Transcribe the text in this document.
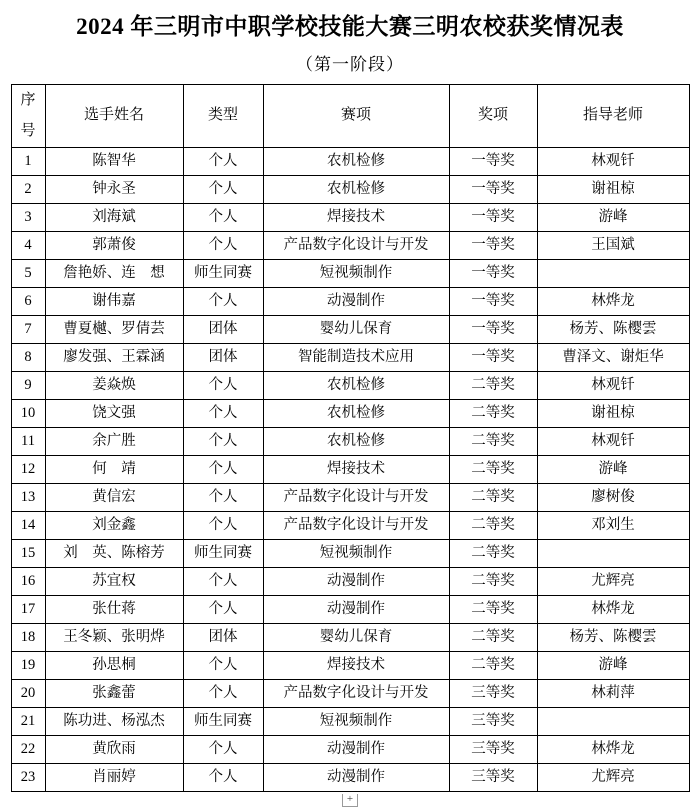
2024 年三明市中职学校技能大赛三明农校获奖情况表
（第一阶段）
序
号	选手姓名	类型	赛项	奖项	指导老师
1	陈智华	个人	农机检修	一等奖	林观钎
2	钟永圣	个人	农机检修	一等奖	谢祖椋
3	刘海斌	个人	焊接技术	一等奖	游峰
4	郭萧俊	个人	产品数字化设计与开发	一等奖	王国斌
5	詹艳娇、连　想	师生同赛	短视频制作	一等奖	
6	谢伟嘉	个人	动漫制作	一等奖	林烨龙
7	曹夏樾、罗倩芸	团体	婴幼儿保育	一等奖	杨芳、陈樱雲
8	廖发强、王霖涵	团体	智能制造技术应用	一等奖	曹泽文、谢炬华
9	姜焱焕	个人	农机检修	二等奖	林观钎
10	饶文强	个人	农机检修	二等奖	谢祖椋
11	余广胜	个人	农机检修	二等奖	林观钎
12	何　靖	个人	焊接技术	二等奖	游峰
13	黄信宏	个人	产品数字化设计与开发	二等奖	廖树俊
14	刘金鑫	个人	产品数字化设计与开发	二等奖	邓刘生
15	刘　英、陈榕芳	师生同赛	短视频制作	二等奖	
16	苏宜权	个人	动漫制作	二等奖	尤辉亮
17	张仕蒋	个人	动漫制作	二等奖	林烨龙
18	王冬颖、张明烨	团体	婴幼儿保育	二等奖	杨芳、陈樱雲
19	孙思桐	个人	焊接技术	二等奖	游峰
20	张鑫蕾	个人	产品数字化设计与开发	三等奖	林莉萍
21	陈功进、杨泓杰	师生同赛	短视频制作	三等奖	
22	黄欣雨	个人	动漫制作	三等奖	林烨龙
23	肖丽婷	个人	动漫制作	三等奖	尤辉亮
+
